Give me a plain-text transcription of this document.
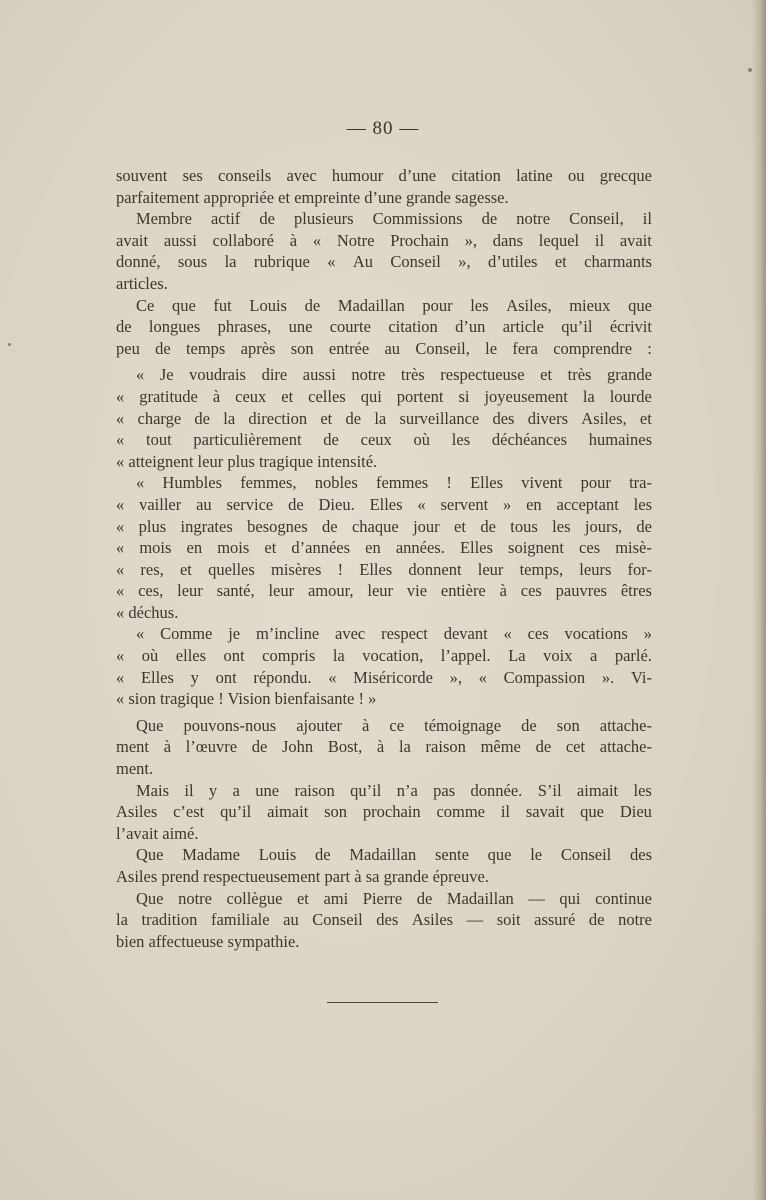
— 80 —
souvent ses conseils avec humour d’une citation latine ou grecque
parfaitement appropriée et empreinte d’une grande sagesse.
Membre actif de plusieurs Commissions de notre Conseil, il
avait aussi collaboré à « Notre Prochain », dans lequel il avait
donné, sous la rubrique « Au Conseil », d’utiles et charmants
articles.
Ce que fut Louis de Madaillan pour les Asiles, mieux que
de longues phrases, une courte citation d’un article qu’il écrivit
peu de temps après son entrée au Conseil, le fera comprendre :
« Je voudrais dire aussi notre très respectueuse et très grande
« gratitude à ceux et celles qui portent si joyeusement la lourde
« charge de la direction et de la surveillance des divers Asiles, et
« tout particulièrement de ceux où les déchéances humaines
« atteignent leur plus tragique intensité.
« Humbles femmes, nobles femmes ! Elles vivent pour tra-
« vailler au service de Dieu. Elles « servent » en acceptant les
« plus ingrates besognes de chaque jour et de tous les jours, de
« mois en mois et d’années en années. Elles soignent ces misè-
« res, et quelles misères ! Elles donnent leur temps, leurs for-
« ces, leur santé, leur amour, leur vie entière à ces pauvres êtres
« déchus.
« Comme je m’incline avec respect devant « ces vocations »
« où elles ont compris la vocation, l’appel. La voix a parlé.
« Elles y ont répondu. « Miséricorde », « Compassion ». Vi-
« sion tragique ! Vision bienfaisante ! »
Que pouvons-nous ajouter à ce témoignage de son attache-
ment à l’œuvre de John Bost, à la raison même de cet attache-
ment.
Mais il y a une raison qu’il n’a pas donnée. S’il aimait les
Asiles c’est qu’il aimait son prochain comme il savait que Dieu
l’avait aimé.
Que Madame Louis de Madaillan sente que le Conseil des
Asiles prend respectueusement part à sa grande épreuve.
Que notre collègue et ami Pierre de Madaillan — qui continue
la tradition familiale au Conseil des Asiles — soit assuré de notre
bien affectueuse sympathie.
